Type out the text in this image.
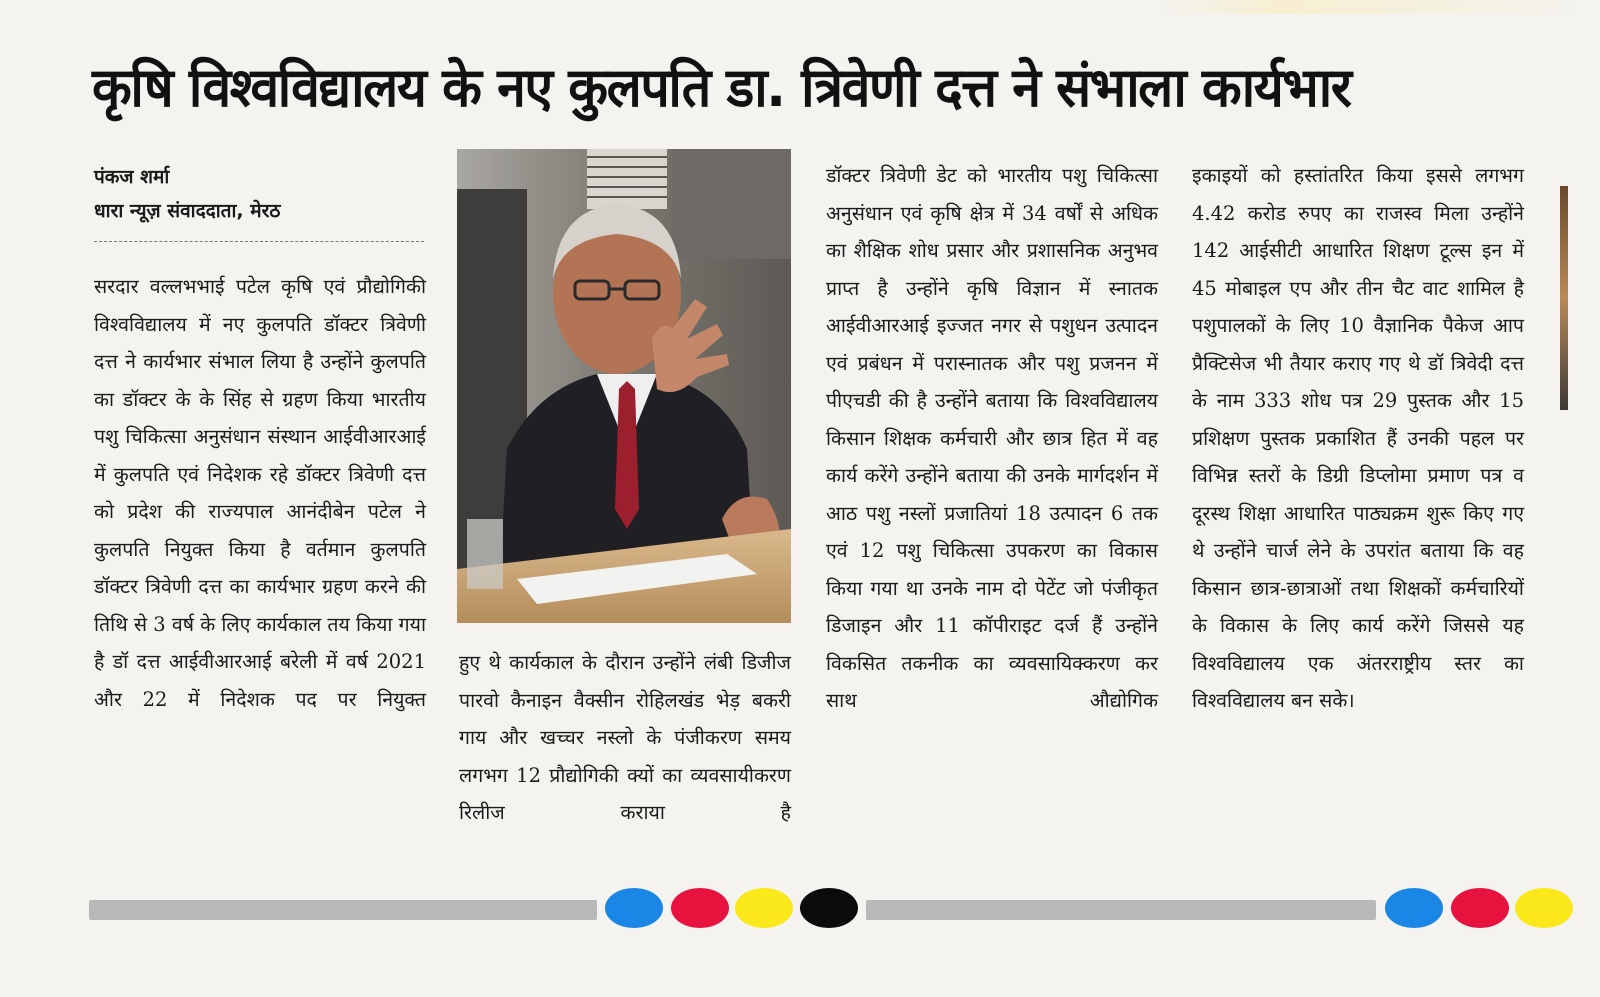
कृषि विश्वविद्यालय के नए कुलपति डा. त्रिवेणी दत्त ने संभाला कार्यभार
पंकज शर्मा
धारा न्यूज़ संवाददाता, मेरठ

सरदार वल्लभभाई पटेल कृषि एवं प्रौद्योगिकी विश्वविद्यालय में नए कुलपति डॉक्टर त्रिवेणी दत्त ने कार्यभार संभाल लिया है उन्होंने कुलपति का डॉक्टर के के सिंह से ग्रहण किया भारतीय पशु चिकित्सा अनुसंधान संस्थान आईवीआरआई में कुलपति एवं निदेशक रहे डॉक्टर त्रिवेणी दत्त को प्रदेश की राज्यपाल आनंदीबेन पटेल ने कुलपति नियुक्त किया है वर्तमान कुलपति डॉक्टर त्रिवेणी दत्त का कार्यभार ग्रहण करने की तिथि से 3 वर्ष के लिए कार्यकाल तय किया गया है डॉ दत्त आईवीआरआई बरेली में वर्ष 2021 और 22 में निदेशक पद पर नियुक्त

हुए थे कार्यकाल के दौरान उन्होंने लंबी डिजीज पारवो कैनाइन वैक्सीन रोहिलखंड भेड़ बकरी गाय और खच्चर नस्लो के पंजीकरण समय लगभग 12 प्रौद्योगिकी क्यों का व्यवसायीकरण रिलीज कराया है

डॉक्टर त्रिवेणी डेट को भारतीय पशु चिकित्सा अनुसंधान एवं कृषि क्षेत्र में 34 वर्षों से अधिक का शैक्षिक शोध प्रसार और प्रशासनिक अनुभव प्राप्त है उन्होंने कृषि विज्ञान में स्नातक आईवीआरआई इज्जत नगर से पशुधन उत्पादन एवं प्रबंधन में परास्नातक और पशु प्रजनन में पीएचडी की है उन्होंने बताया कि विश्वविद्यालय किसान शिक्षक कर्मचारी और छात्र हित में वह कार्य करेंगे उन्होंने बताया की उनके मार्गदर्शन में आठ पशु नस्लों प्रजातियां 18 उत्पादन 6 तक एवं 12 पशु चिकित्सा उपकरण का विकास किया गया था उनके नाम दो पेटेंट जो पंजीकृत डिजाइन और 11 कॉपीराइट दर्ज हैं उन्होंने विकसित तकनीक का व्यवसायिक्करण कर साथ औद्योगिक

इकाइयों को हस्तांतरित किया इससे लगभग 4.42 करोड रुपए का राजस्व मिला उन्होंने 142 आईसीटी आधारित शिक्षण टूल्स इन में 45 मोबाइल एप और तीन चैट वाट शामिल है पशुपालकों के लिए 10 वैज्ञानिक पैकेज आप प्रैक्टिसेज भी तैयार कराए गए थे डॉ त्रिवेदी दत्त के नाम 333 शोध पत्र 29 पुस्तक और 15 प्रशिक्षण पुस्तक प्रकाशित हैं उनकी पहल पर विभिन्न स्तरों के डिग्री डिप्लोमा प्रमाण पत्र व दूरस्थ शिक्षा आधारित पाठ्यक्रम शुरू किए गए थे उन्होंने चार्ज लेने के उपरांत बताया कि वह किसान छात्र-छात्राओं तथा शिक्षकों कर्मचारियों के विकास के लिए कार्य करेंगे जिससे यह विश्वविद्यालय एक अंतरराष्ट्रीय स्तर का विश्वविद्यालय बन सके।
